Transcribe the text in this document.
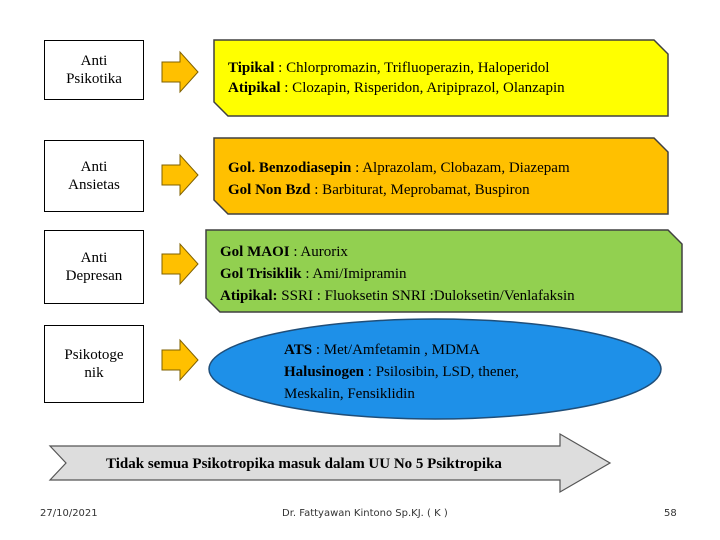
Anti
Psikotika
Anti
Ansietas
Anti
Depresan
Psikotoge
nik
Tipikal : Chlorpromazin, Trifluoperazin, Haloperidol
Atipikal : Clozapin, Risperidon, Aripiprazol, Olanzapin
Gol. Benzodiasepin : Alprazolam, Clobazam, Diazepam
Gol Non Bzd : Barbiturat, Meprobamat, Buspiron
Gol MAOI : Aurorix
Gol Trisiklik : Ami/Imipramin
Atipikal: SSRI : Fluoksetin SNRI :Duloksetin/Venlafaksin
ATS : Met/Amfetamin , MDMA
Halusinogen : Psilosibin, LSD, thener,
Meskalin, Fensiklidin
Tidak semua Psikotropika masuk dalam UU No 5 Psiktropika
27/10/2021	Dr. Fattyawan Kintono Sp.KJ. ( K )	58
